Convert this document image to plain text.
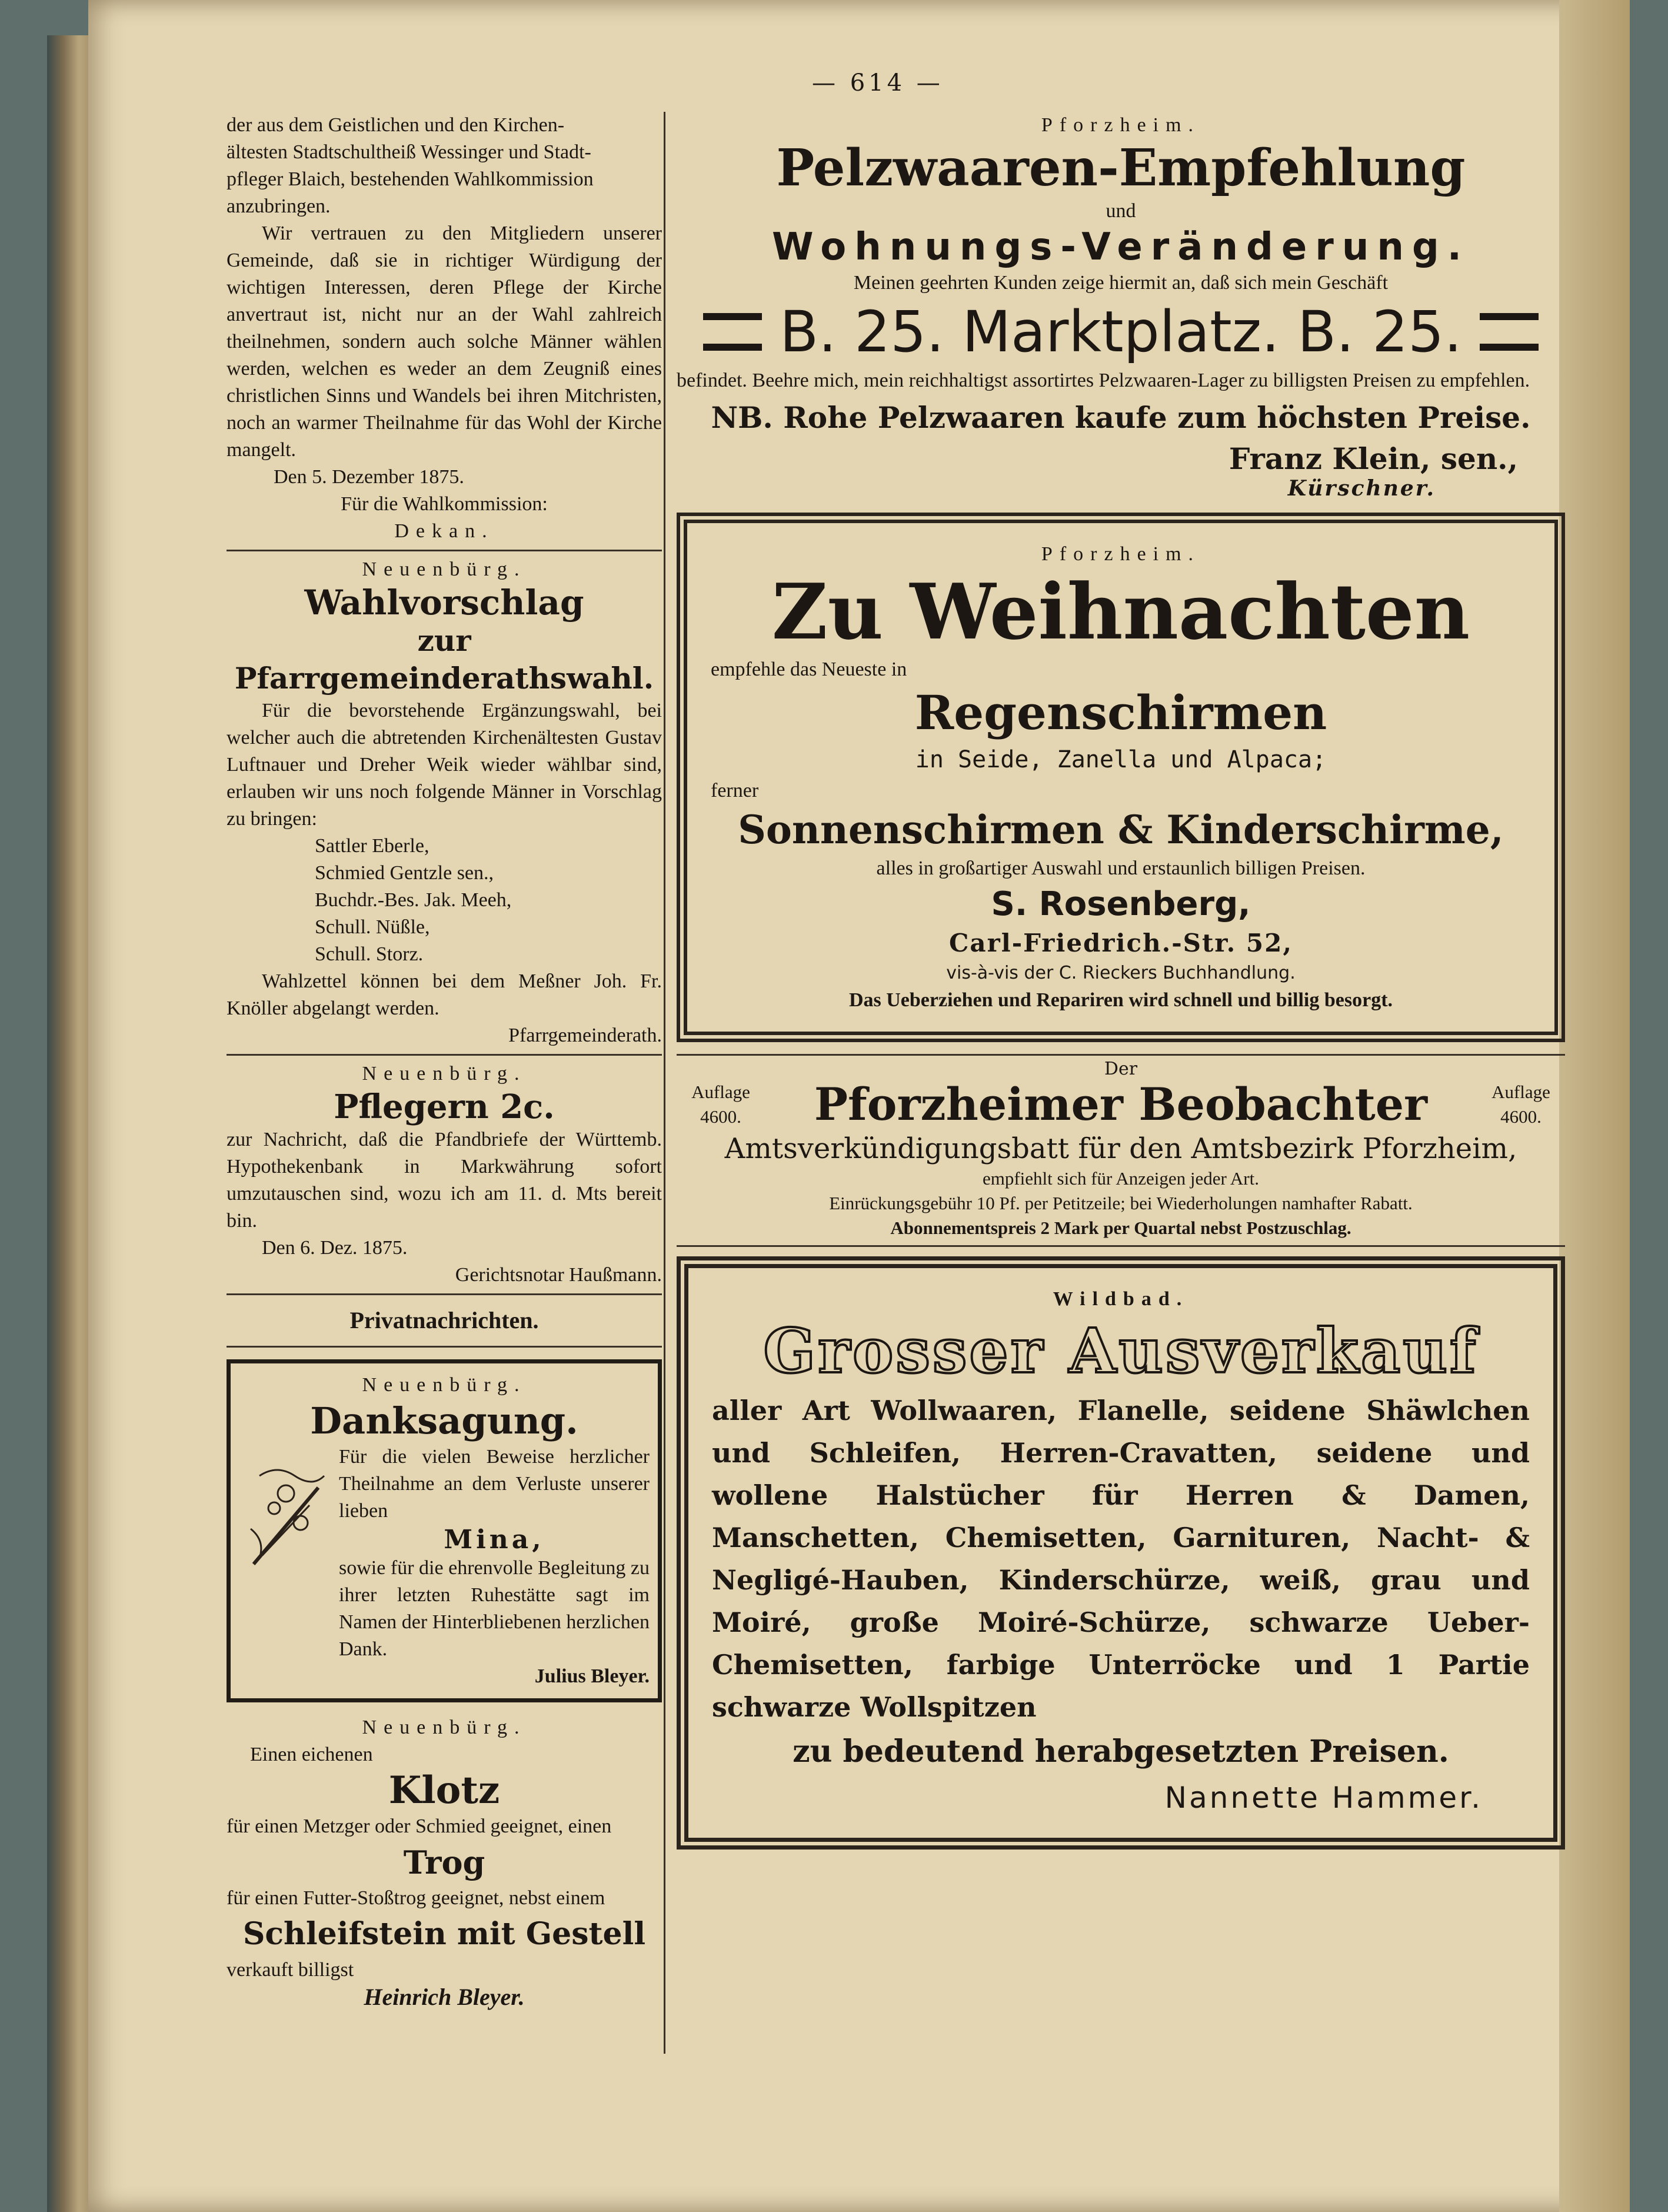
— 614 —
der aus dem Geistlichen und den Kirchen-
ältesten Stadtschultheiß Wessinger und Stadt-
pfleger Blaich, bestehenden Wahlkommission
anzubringen.
Wir vertrauen zu den Mitgliedern unserer Gemeinde, daß sie in richtiger Würdigung der wichtigen Interessen, deren Pflege der Kirche anvertraut ist, nicht nur an der Wahl zahlreich theilnehmen, sondern auch solche Männer wählen werden, welchen es weder an dem Zeugniß eines christlichen Sinns und Wandels bei ihren Mitchristen, noch an warmer Theilnahme für das Wohl der Kirche mangelt.
Den 5. Dezember 1875.
Für die Wahlkommission:
Dekan.
Neuenbürg.
Wahlvorschlag
zur Pfarrgemeinderathswahl.
Für die bevorstehende Ergänzungswahl, bei welcher auch die abtretenden Kirchenältesten Gustav Luftnauer und Dreher Weik wieder wählbar sind, erlauben wir uns noch folgende Männer in Vorschlag zu bringen:
Sattler Eberle,
Schmied Gentzle sen.,
Buchdr.-Bes. Jak. Meeh,
Schull. Nüßle,
Schull. Storz.
Wahlzettel können bei dem Meßner Joh. Fr. Knöller abgelangt werden.
Pfarrgemeinderath.
Neuenbürg.
Pflegern 2c.
zur Nachricht, daß die Pfandbriefe der Württemb. Hypothekenbank in Markwährung sofort umzutauschen sind, wozu ich am 11. d. Mts bereit bin.
Den 6. Dez. 1875.
Gerichtsnotar Haußmann.
Privatnachrichten.
Neuenbürg.
Danksagung.
Für die vielen Beweise herzlicher Theilnahme an dem Verluste unserer lieben
Mina,
sowie für die ehrenvolle Begleitung zu ihrer letzten Ruhestätte sagt im Namen der Hinterbliebenen herzlichen Dank.
Julius Bleyer.
Neuenbürg.
Einen eichenen
Klotz
für einen Metzger oder Schmied geeignet, einen
Trog
für einen Futter-Stoßtrog geeignet, nebst einem
Schleifstein mit Gestell
verkauft billigst
Heinrich Bleyer.
Pforzheim.
Pelzwaaren-Empfehlung
und
Wohnungs-Veränderung.
Meinen geehrten Kunden zeige hiermit an, daß sich mein Geschäft
B. 25. Marktplatz. B. 25.
befindet. Beehre mich, mein reichhaltigst assortirtes Pelzwaaren-Lager zu billigsten Preisen zu empfehlen.
NB. Rohe Pelzwaaren kaufe zum höchsten Preise.
Franz Klein, sen.,
Kürschner.
Pforzheim.
Zu Weihnachten
empfehle das Neueste in
Regenschirmen
in Seide, Zanella und Alpaca;
ferner
Sonnenschirmen & Kinderschirme,
alles in großartiger Auswahl und erstaunlich billigen Preisen.
S. Rosenberg,
Carl-Friedrich.-Str. 52,
vis-à-vis der C. Rieckers Buchhandlung.
Das Ueberziehen und Repariren wird schnell und billig besorgt.
Der
Auflage
4600.	Pforzheimer Beobachter	Auflage
4600.
Amtsverkündigungsbatt für den Amtsbezirk Pforzheim,
empfiehlt sich für Anzeigen jeder Art.
Einrückungsgebühr 10 Pf. per Petitzeile; bei Wiederholungen namhafter Rabatt.
Abonnementspreis 2 Mark per Quartal nebst Postzuschlag.
Wildbad.
Grosser Ausverkauf
aller Art Wollwaaren, Flanelle, seidene Shäwlchen und Schleifen, Herren-Cravatten, seidene und wollene Halstücher für Herren & Damen, Manschetten, Chemisetten, Garnituren, Nacht- & Negligé-Hauben, Kinderschürze, weiß, grau und Moiré, große Moiré-Schürze, schwarze Ueber-Chemisetten, farbige Unterröcke und 1 Partie schwarze Wollspitzen
zu bedeutend herabgesetzten Preisen.
Nannette Hammer.
